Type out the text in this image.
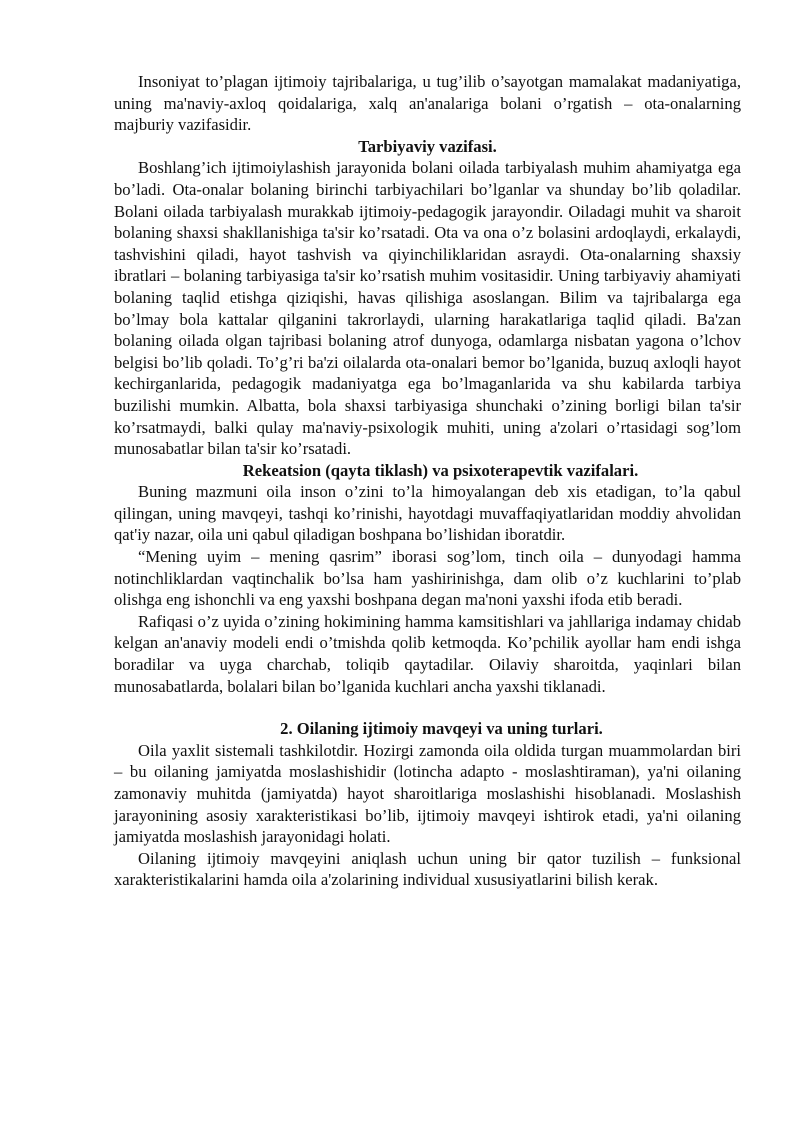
Insoniyat to’plagan ijtimoiy tajribalariga, u tug’ilib o’sayotgan mamalakat madaniyatiga, uning ma'naviy-axloq qoidalariga, xalq an'analariga bolani o’rgatish – ota-onalarning majburiy vazifasidir.

Tarbiyaviy vazifasi.

Boshlang’ich ijtimoiylashish jarayonida bolani oilada tarbiyalash muhim ahamiyatga ega bo’ladi. Ota-onalar bolaning birinchi tarbiyachilari bo’lganlar va shunday bo’lib qoladilar. Bolani oilada tarbiyalash murakkab ijtimoiy-pedagogik jarayondir. Oiladagi muhit va sharoit bolaning shaxsi shakllanishiga ta'sir ko’rsatadi. Ota va ona o’z bolasini ardoqlaydi, erkalaydi, tashvishini qiladi, hayot tashvish va qiyinchiliklaridan asraydi. Ota-onalarning shaxsiy ibratlari – bolaning tarbiyasiga ta'sir ko’rsatish muhim vositasidir. Uning tarbiyaviy ahamiyati bolaning taqlid etishga qiziqishi, havas qilishiga asoslangan. Bilim va tajribalarga ega bo’lmay bola kattalar qilganini takrorlaydi, ularning harakatlariga taqlid qiladi. Ba'zan bolaning oilada olgan tajribasi bolaning atrof dunyoga, odamlarga nisbatan yagona o’lchov belgisi bo’lib qoladi. To’g’ri ba'zi oilalarda ota-onalari bemor bo’lganida, buzuq axloqli hayot kechirganlarida, pedagogik madaniyatga ega bo’lmaganlarida va shu kabilarda tarbiya buzilishi mumkin. Albatta, bola shaxsi tarbiyasiga shunchaki o’zining borligi bilan ta'sir ko’rsatmaydi, balki qulay ma'naviy-psixologik muhiti, uning a'zolari o’rtasidagi sog’lom munosabatlar bilan ta'sir ko’rsatadi.

Rekeatsion (qayta tiklash) va psixoterapevtik vazifalari.

Buning mazmuni oila inson o’zini to’la himoyalangan deb xis etadigan, to’la qabul qilingan, uning mavqeyi, tashqi ko’rinishi, hayotdagi muvaffaqiyatlaridan moddiy ahvolidan qat'iy nazar, oila uni qabul qiladigan boshpana bo’lishidan iboratdir.

“Mening uyim – mening qasrim” iborasi sog’lom, tinch oila – dunyodagi hamma notinchliklardan vaqtinchalik bo’lsa ham yashirinishga, dam olib o’z kuchlarini to’plab olishga eng ishonchli va eng yaxshi boshpana degan ma'noni yaxshi ifoda etib beradi.

Rafiqasi o’z uyida o’zining hokimining hamma kamsitishlari va jahllariga indamay chidab kelgan an'anaviy modeli endi o’tmishda qolib ketmoqda. Ko’pchilik ayollar ham endi ishga boradilar va uyga charchab, toliqib qaytadilar. Oilaviy sharoitda, yaqinlari bilan munosabatlarda, bolalari bilan bo’lganida kuchlari ancha yaxshi tiklanadi.

2. Oilaning ijtimoiy mavqeyi va uning turlari.

Oila yaxlit sistemali tashkilotdir. Hozirgi zamonda oila oldida turgan muammolardan biri – bu oilaning jamiyatda moslashishidir (lotincha adapto - moslashtiraman), ya'ni oilaning zamonaviy muhitda (jamiyatda) hayot sharoitlariga moslashishi hisoblanadi. Moslashish jarayonining asosiy xarakteristikasi bo’lib, ijtimoiy mavqeyi ishtirok etadi, ya'ni oilaning jamiyatda moslashish jarayonidagi holati.

Oilaning ijtimoiy mavqeyini aniqlash uchun uning bir qator tuzilish – funksional xarakteristikalarini hamda oila a'zolarining individual xususiyatlarini bilish kerak.
